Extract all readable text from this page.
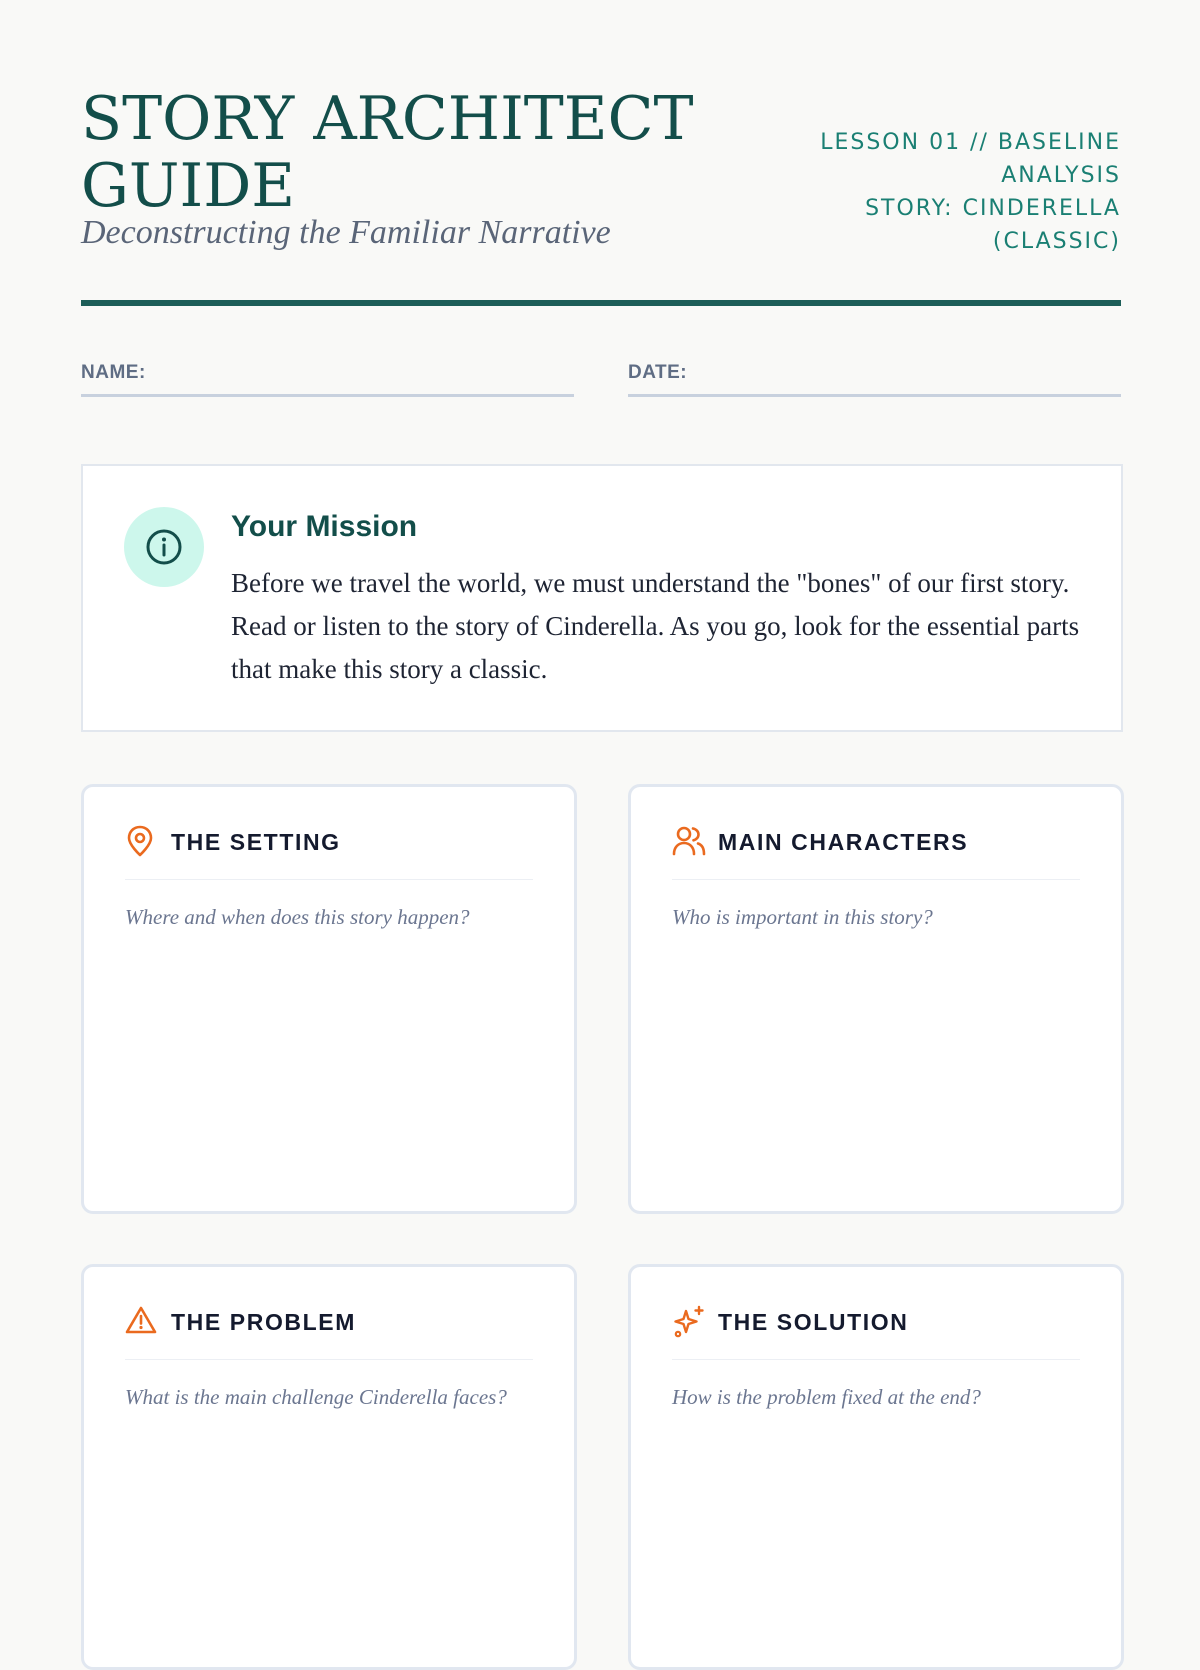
STORY ARCHITECT GUIDE
Deconstructing the Familiar Narrative
LESSON 01 // BASELINE ANALYSIS
STORY: CINDERELLA (CLASSIC)
NAME:	DATE:
Your Mission

Before we travel the world, we must understand the "bones" of our first story. Read or listen to the story of Cinderella. As you go, look for the essential parts that make this story a classic.

THE SETTING
Where and when does this story happen?
MAIN CHARACTERS
Who is important in this story?
THE PROBLEM
What is the main challenge Cinderella faces?
THE SOLUTION
How is the problem fixed at the end?
